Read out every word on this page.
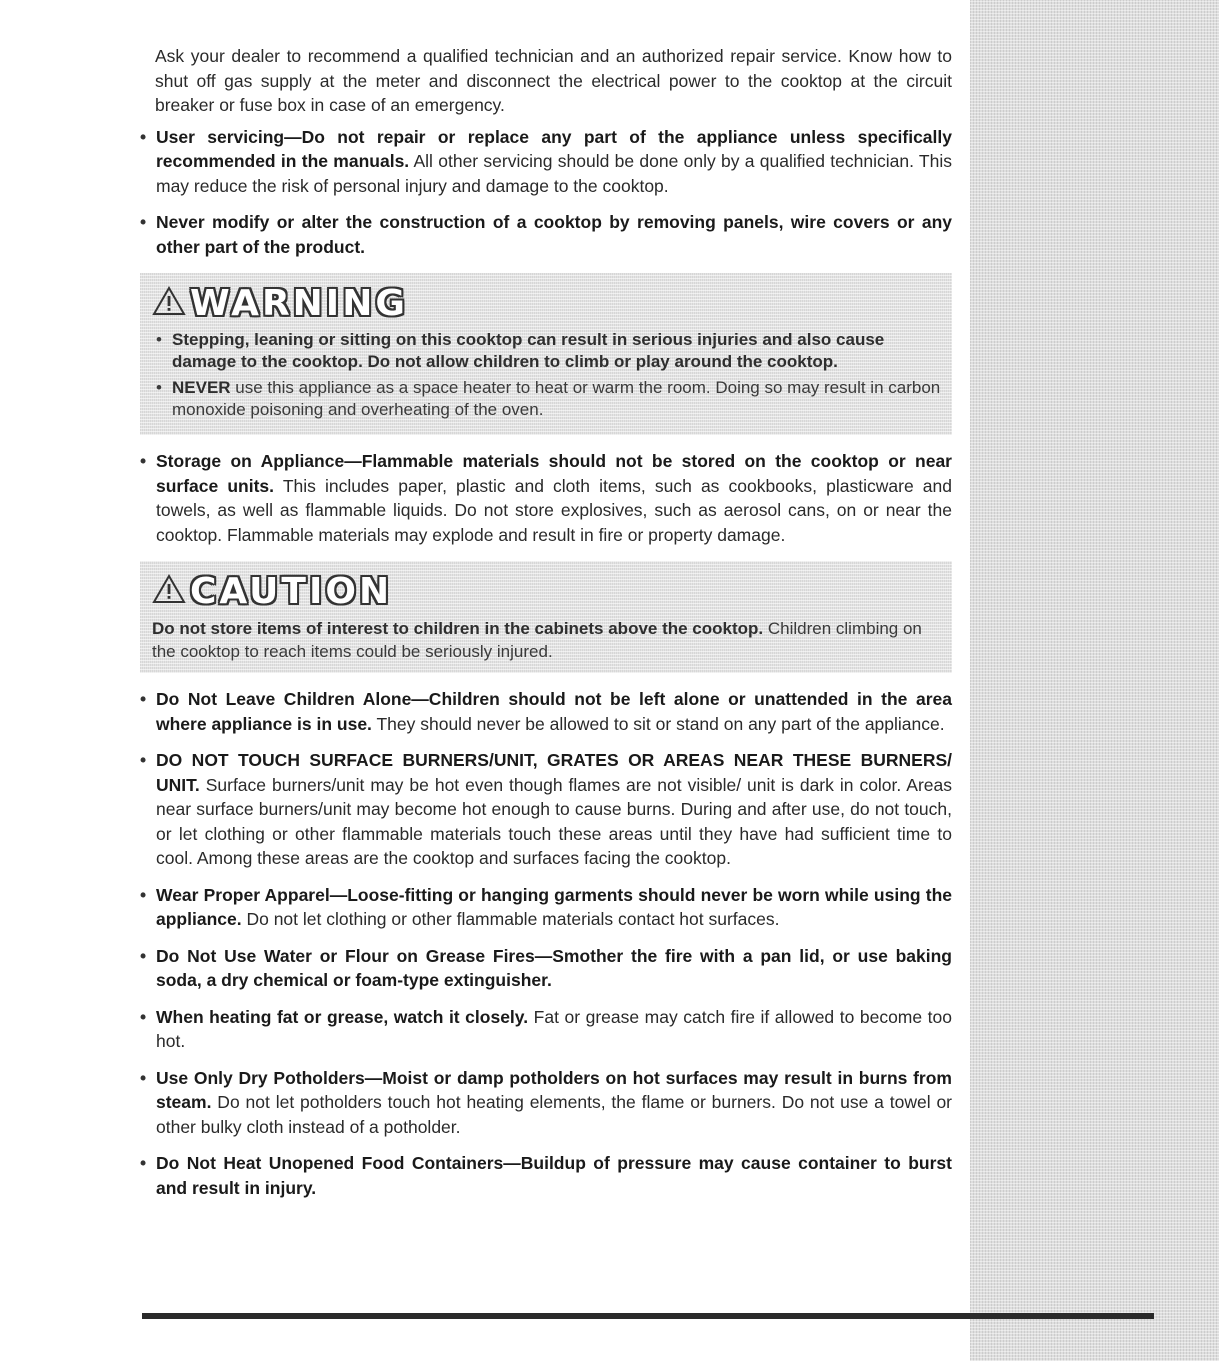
Ask your dealer to recommend a qualified technician and an authorized repair service. Know how to shut off gas supply at the meter and disconnect the electrical power to the cooktop at the circuit breaker or fuse box in case of an emergency.

• User servicing—Do not repair or replace any part of the appliance unless specifically recommended in the manuals. All other servicing should be done only by a qualified technician. This may reduce the risk of personal injury and damage to the cooktop.

• Never modify or alter the construction of a cooktop by removing panels, wire covers or any other part of the product.

WARNING

• Stepping, leaning or sitting on this cooktop can result in serious injuries and also cause damage to the cooktop. Do not allow children to climb or play around the cooktop.

• NEVER use this appliance as a space heater to heat or warm the room. Doing so may result in carbon monoxide poisoning and overheating of the oven.

• Storage on Appliance—Flammable materials should not be stored on the cooktop or near surface units. This includes paper, plastic and cloth items, such as cookbooks, plasticware and towels, as well as flammable liquids. Do not store explosives, such as aerosol cans, on or near the cooktop. Flammable materials may explode and result in fire or property damage.

CAUTION
Do not store items of interest to children in the cabinets above the cooktop. Children climbing on the cooktop to reach items could be seriously injured.

• Do Not Leave Children Alone—Children should not be left alone or unattended in the area where appliance is in use. They should never be allowed to sit or stand on any part of the appliance.

• DO NOT TOUCH SURFACE BURNERS/UNIT, GRATES OR AREAS NEAR THESE BURNERS/ UNIT. Surface burners/unit may be hot even though flames are not visible/ unit is dark in color. Areas near surface burners/unit may become hot enough to cause burns. During and after use, do not touch, or let clothing or other flammable materials touch these areas until they have had sufficient time to cool. Among these areas are the cooktop and surfaces facing the cooktop.

• Wear Proper Apparel—Loose-fitting or hanging garments should never be worn while using the appliance. Do not let clothing or other flammable materials contact hot surfaces.

• Do Not Use Water or Flour on Grease Fires—Smother the fire with a pan lid, or use baking soda, a dry chemical or foam-type extinguisher.

• When heating fat or grease, watch it closely. Fat or grease may catch fire if allowed to become too hot.

• Use Only Dry Potholders—Moist or damp potholders on hot surfaces may result in burns from steam. Do not let potholders touch hot heating elements, the flame or burners. Do not use a towel or other bulky cloth instead of a potholder.

• Do Not Heat Unopened Food Containers—Buildup of pressure may cause container to burst and result in injury.
